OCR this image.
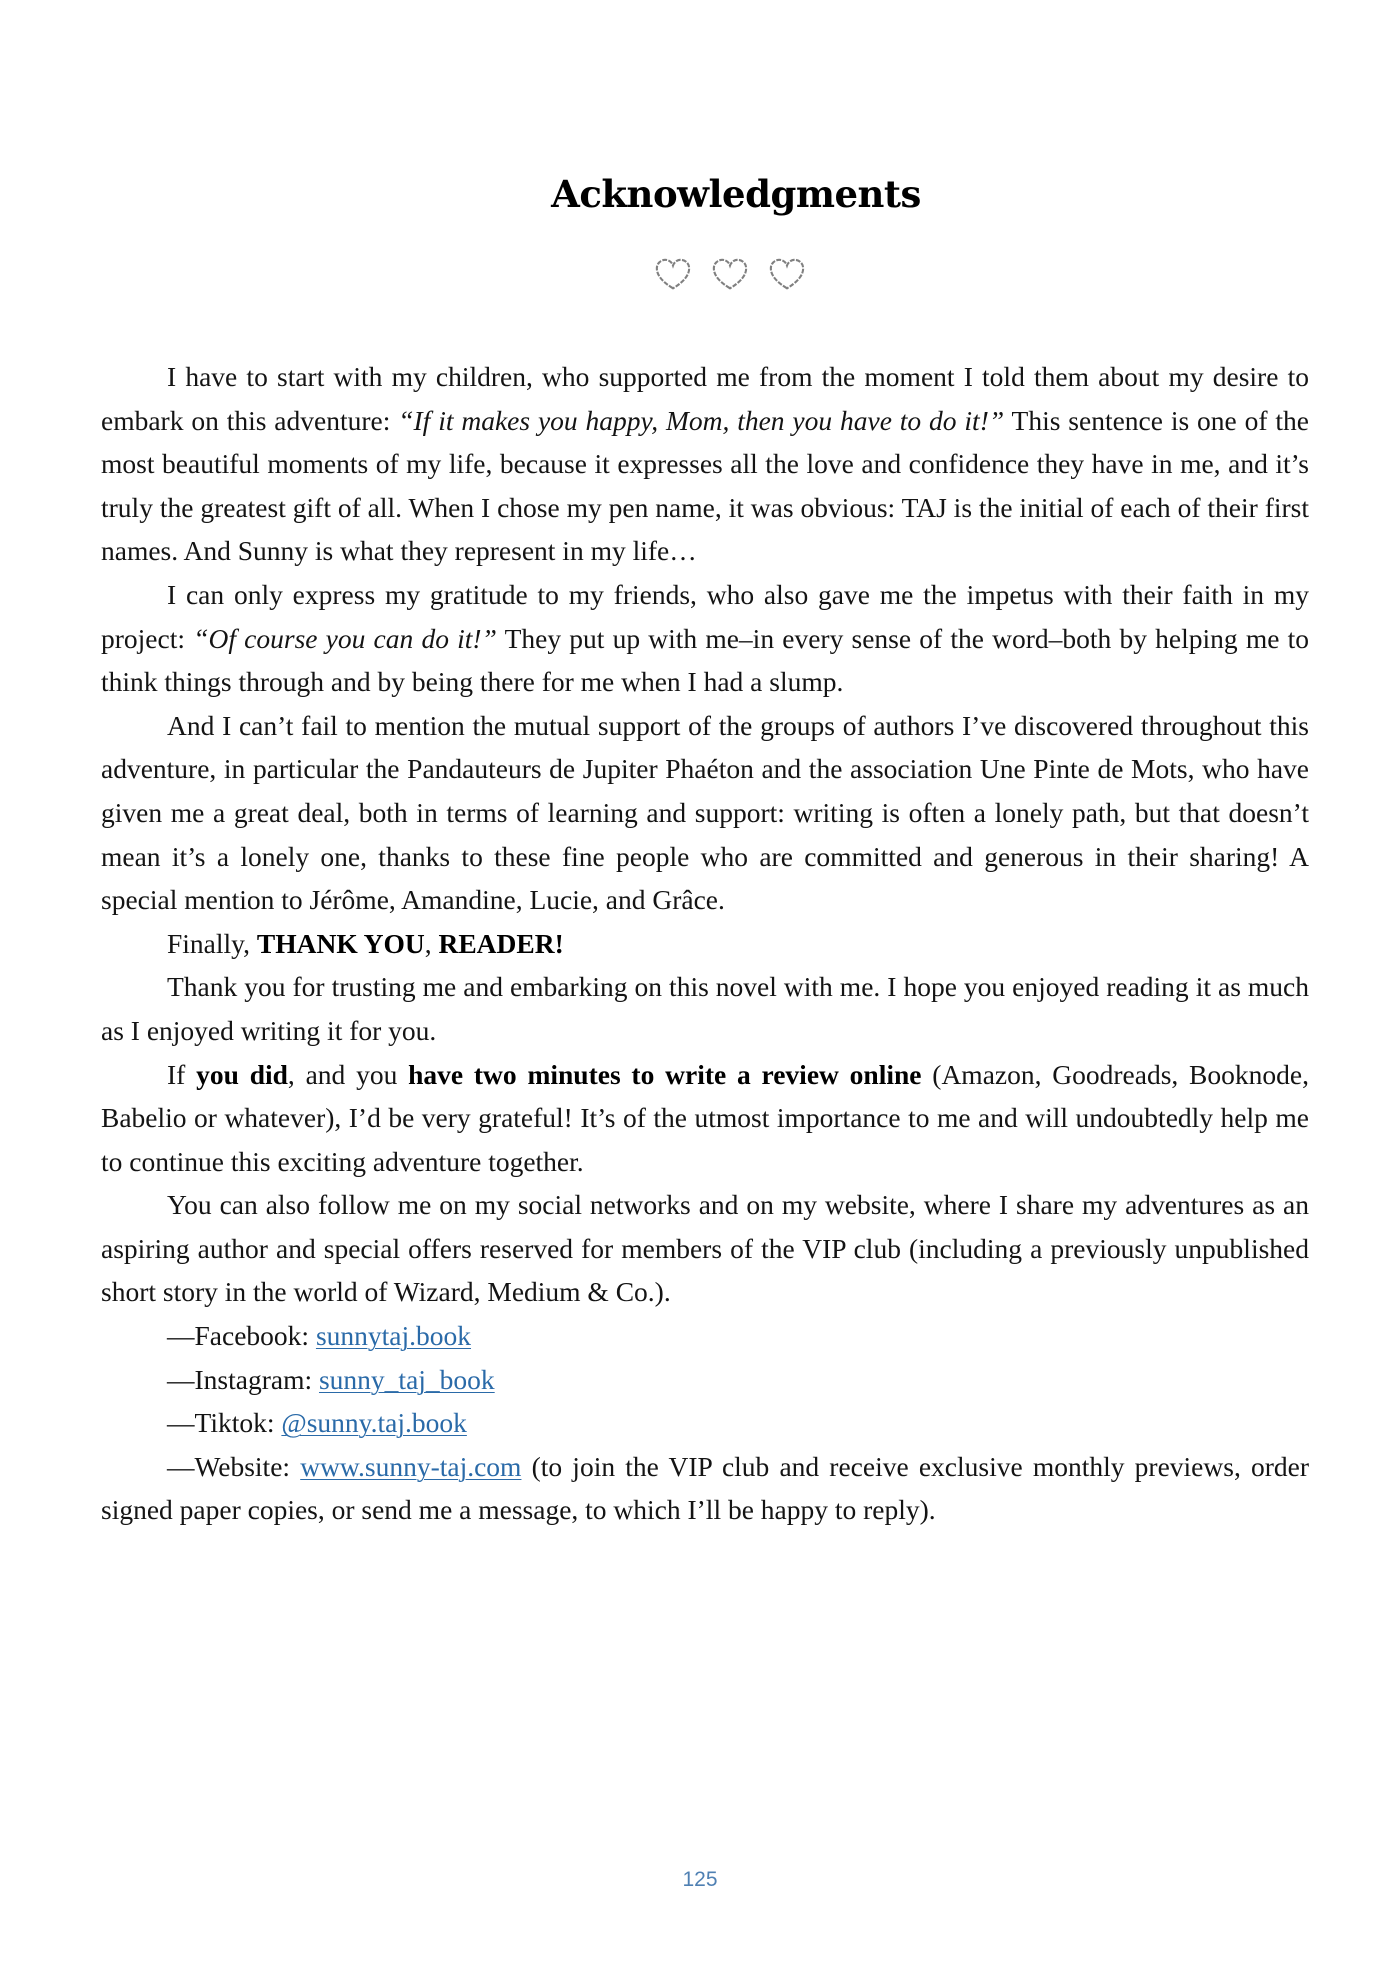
Acknowledgments

I have to start with my children, who supported me from the moment I told them about my desire to embark on this adventure: “If it makes you happy, Mom, then you have to do it!” This sentence is one of the most beautiful moments of my life, because it expresses all the love and confidence they have in me, and it’s truly the greatest gift of all. When I chose my pen name, it was obvious: TAJ is the initial of each of their first names. And Sunny is what they represent in my life…

I can only express my gratitude to my friends, who also gave me the impetus with their faith in my project: “Of course you can do it!” They put up with me–in every sense of the word–both by helping me to think things through and by being there for me when I had a slump.

And I can’t fail to mention the mutual support of the groups of authors I’ve discovered throughout this adventure, in particular the Pandauteurs de Jupiter Phaéton and the association Une Pinte de Mots, who have given me a great deal, both in terms of learning and support: writing is often a lonely path, but that doesn’t mean it’s a lonely one, thanks to these fine people who are committed and generous in their sharing! A special mention to Jérôme, Amandine, Lucie, and Grâce.

Finally, THANK YOU, READER!

Thank you for trusting me and embarking on this novel with me. I hope you enjoyed reading it as much as I enjoyed writing it for you.

If you did, and you have two minutes to write a review online (Amazon, Goodreads, Booknode, Babelio or whatever), I’d be very grateful! It’s of the utmost importance to me and will undoubtedly help me to continue this exciting adventure together.

You can also follow me on my social networks and on my website, where I share my adventures as an aspiring author and special offers reserved for members of the VIP club (including a previously unpublished short story in the world of Wizard, Medium & Co.).

—Facebook: sunnytaj.book

—Instagram: sunny_taj_book

—Tiktok: @sunny.taj.book

—Website: www.sunny-taj.com (to join the VIP club and receive exclusive monthly previews, order signed paper copies, or send me a message, to which I’ll be happy to reply).

125
